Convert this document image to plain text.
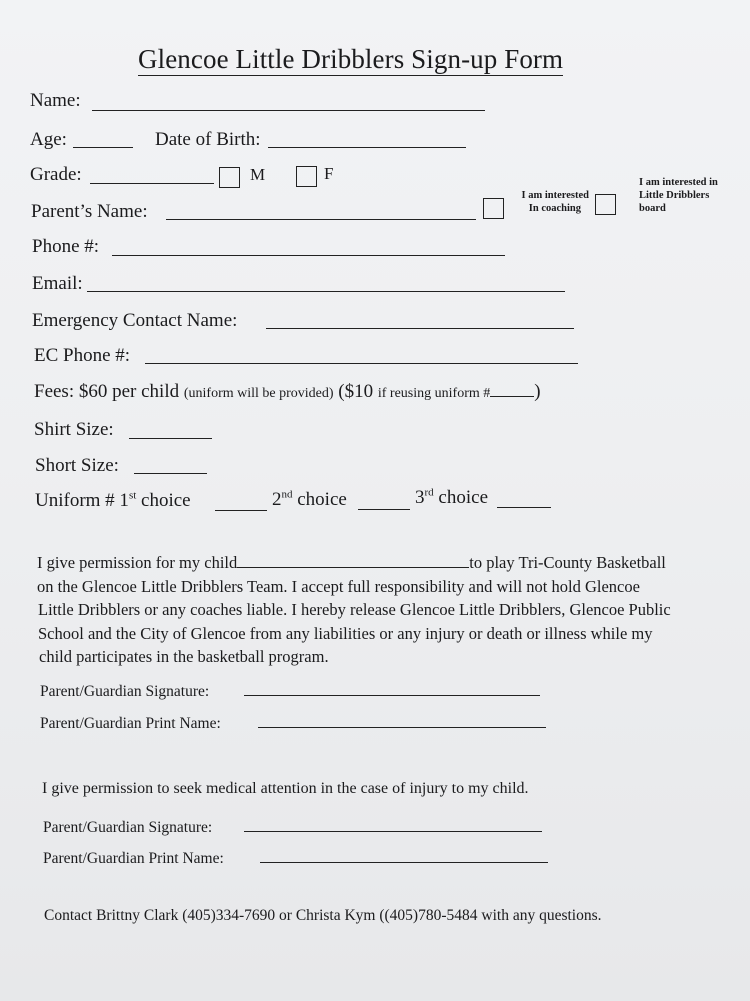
Glencoe Little Dribblers Sign-up Form
Name:
Age:	Date of Birth:
Grade:	M	F
I am interested
In coaching
I am interested in
Little Dribblers
board
Parent’s Name:
Phone #:
Email:
Emergency Contact Name:
EC Phone #:
Fees: $60 per child (uniform will be provided) ($10 if reusing uniform # )
Shirt Size:
Short Size:
Uniform # 1st choice	2nd choice	3rd choice
I give permission for my child	to play Tri-County Basketball
on the Glencoe Little Dribblers Team. I accept full responsibility and will not hold Glencoe
Little Dribblers or any coaches liable. I hereby release Glencoe Little Dribblers, Glencoe Public
School and the City of Glencoe from any liabilities or any injury or death or illness while my
child participates in the basketball program.
Parent/Guardian Signature:
Parent/Guardian Print Name:
I give permission to seek medical attention in the case of injury to my child.
Parent/Guardian Signature:
Parent/Guardian Print Name:
Contact Brittny Clark (405)334-7690 or Christa Kym ((405)780-5484 with any questions.
